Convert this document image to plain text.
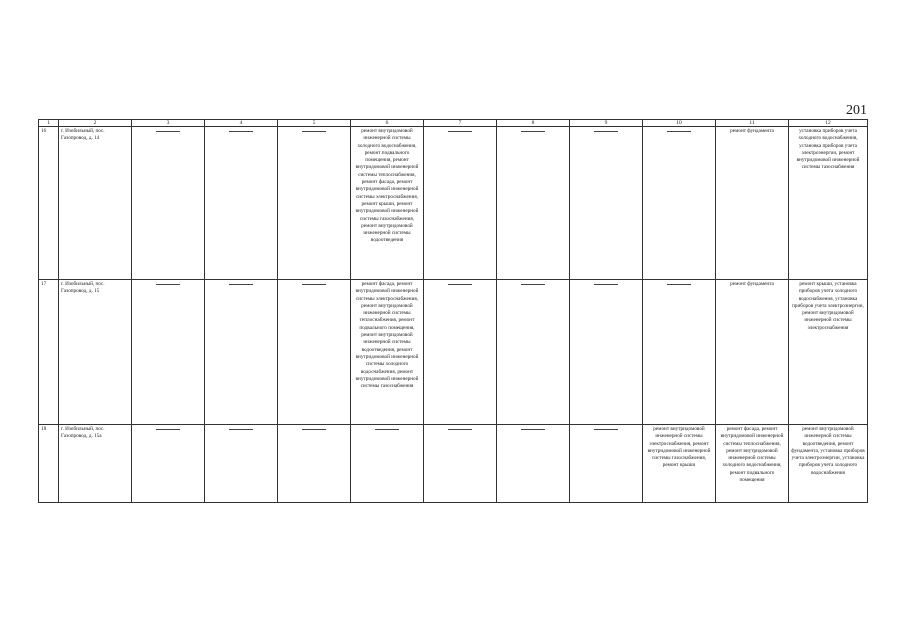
201
1	2	3	4	5	6	7	8	9	10	11	12
16	г. Изобильный, пос. Газопровод, д. 14				ремонт внутридомовой инженерной системы холодного водоснабжения, ремонт подвального помещения, ремонт внутридомовой инженерной системы теплоснабжения, ремонт фасада, ремонт внутридомовой инженерной системы электроснабжения, ремонт крыши, ремонт внутридомовой инженерной системы газоснабжения, ремонт внутридомовой инженерной системы водоотведения					ремонт фундамента	установка приборов учета холодного водоснабжения, установка приборов учета электроэнергии, ремонт внутридомовой инженерной системы газоснабжения
17	г. Изобильный, пос. Газопровод, д. 15				ремонт фасада, ремонт внутридомовой инженерной системы электроснабжения, ремонт внутридомовой инженерной системы теплоснабжения, ремонт подвального помещения, ремонт внутридомовой инженерной системы водоотведения, ремонт внутридомовой инженерной системы холодного водоснабжения, ремонт внутридомовой инженерной системы газоснабжения					ремонт фундамента	ремонт крыши, установка приборов учета холодного водоснабжения, установка приборов учета электроэнергии, ремонт внутридомовой инженерной системы электроснабжения
18	г. Изобильный, пос. Газопровод, д. 15а								ремонт внутридомовой инженерной системы электроснабжения, ремонт внутридомовой инженерной системы газоснабжения, ремонт крыши	ремонт фасада, ремонт внутридомовой инженерной системы теплоснабжения, ремонт внутридомовой инженерной системы холодного водоснабжения, ремонт подвального помещения	ремонт внутридомовой инженерной системы водоотведения, ремонт фундамента, установка приборов учета электроэнергии, установка приборов учета холодного водоснабжения
